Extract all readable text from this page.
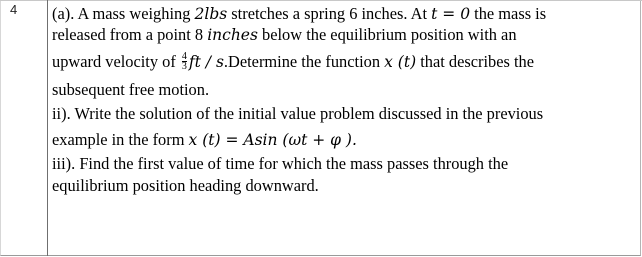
4 (a). A mass weighing 2lbs stretches a spring 6 inches. At t = 0 the mass is
released from a point 8 inches below the equilibrium position with an
upward velocity of $\frac{4}{3}$ ft / s.Determine the function x (t) that describes the
subsequent free motion.
ii). Write the solution of the initial value problem discussed in the previous
example in the form x (t) = Asin (ωt + φ ).
iii). Find the first value of time for which the mass passes through the
equilibrium position heading downward.
